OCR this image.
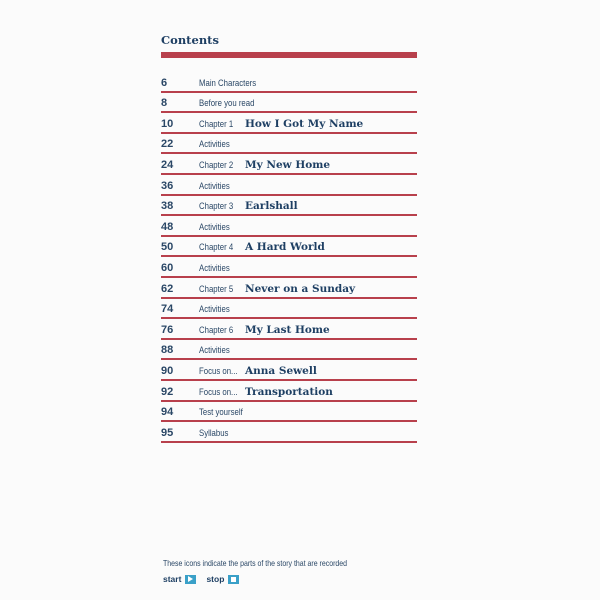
Contents
6	Main Characters
8	Before you read
10	Chapter 1 How I Got My Name
22	Activities
24	Chapter 2 My New Home
36	Activities
38	Chapter 3 Earlshall
48	Activities
50	Chapter 4 A Hard World
60	Activities
62	Chapter 5 Never on a Sunday
74	Activities
76	Chapter 6 My Last Home
88	Activities
90	Focus on... Anna Sewell
92	Focus on... Transportation
94	Test yourself
95	Syllabus
These icons indicate the parts of the story that are recorded
start	stop
